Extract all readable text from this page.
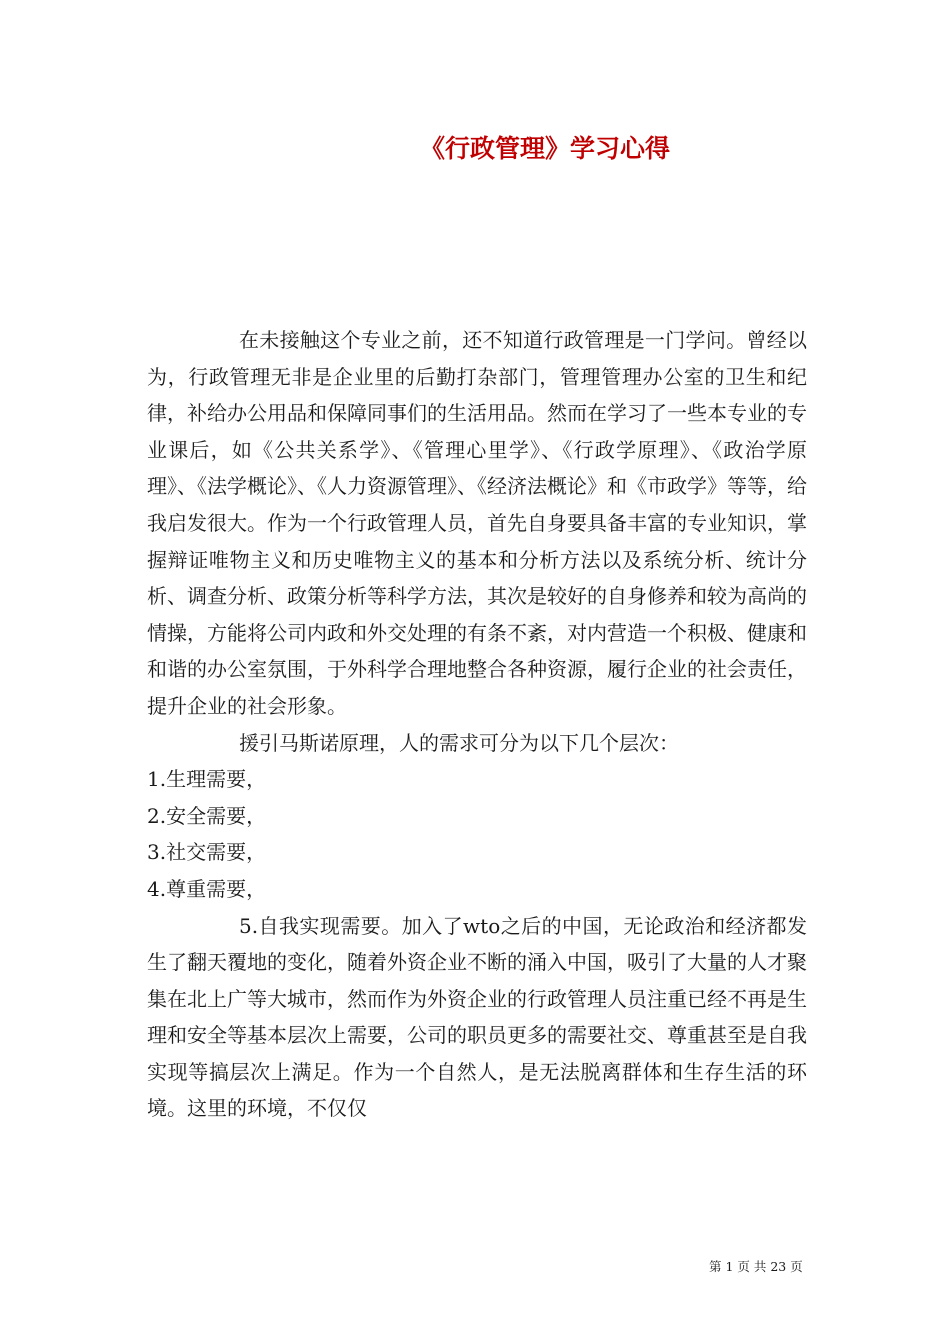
《行政管理》学习心得

在未接触这个专业之前，还不知道行政管理是一门学问。曾经以为，行政管理无非是企业里的后勤打杂部门，管理管理办公室的卫生和纪律，补给办公用品和保障同事们的生活用品。然而在学习了一些本专业的专业课后，如《公共关系学》、《管理心里学》、《行政学原理》、《政治学原理》、《法学概论》、《人力资源管理》、《经济法概论》和《市政学》等等，给我启发很大。作为一个行政管理人员，首先自身要具备丰富的专业知识，掌握辩证唯物主义和历史唯物主义的基本和分析方法以及系统分析、统计分析、调查分析、政策分析等科学方法，其次是较好的自身修养和较为高尚的情操，方能将公司内政和外交处理的有条不紊，对内营造一个积极、健康和和谐的办公室氛围，于外科学合理地整合各种资源，履行企业的社会责任，提升企业的社会形象。

援引马斯诺原理，人的需求可分为以下几个层次：

1.生理需要，

2.安全需要，

3.社交需要，

4.尊重需要，

5.自我实现需要。加入了wto之后的中国，无论政治和经济都发生了翻天覆地的变化，随着外资企业不断的涌入中国，吸引了大量的人才聚集在北上广等大城市，然而作为外资企业的行政管理人员注重已经不再是生理和安全等基本层次上需要，公司的职员更多的需要社交、尊重甚至是自我实现等搞层次上满足。作为一个自然人，是无法脱离群体和生存生活的环境。这里的环境，不仅仅

第 1 页 共 23 页
